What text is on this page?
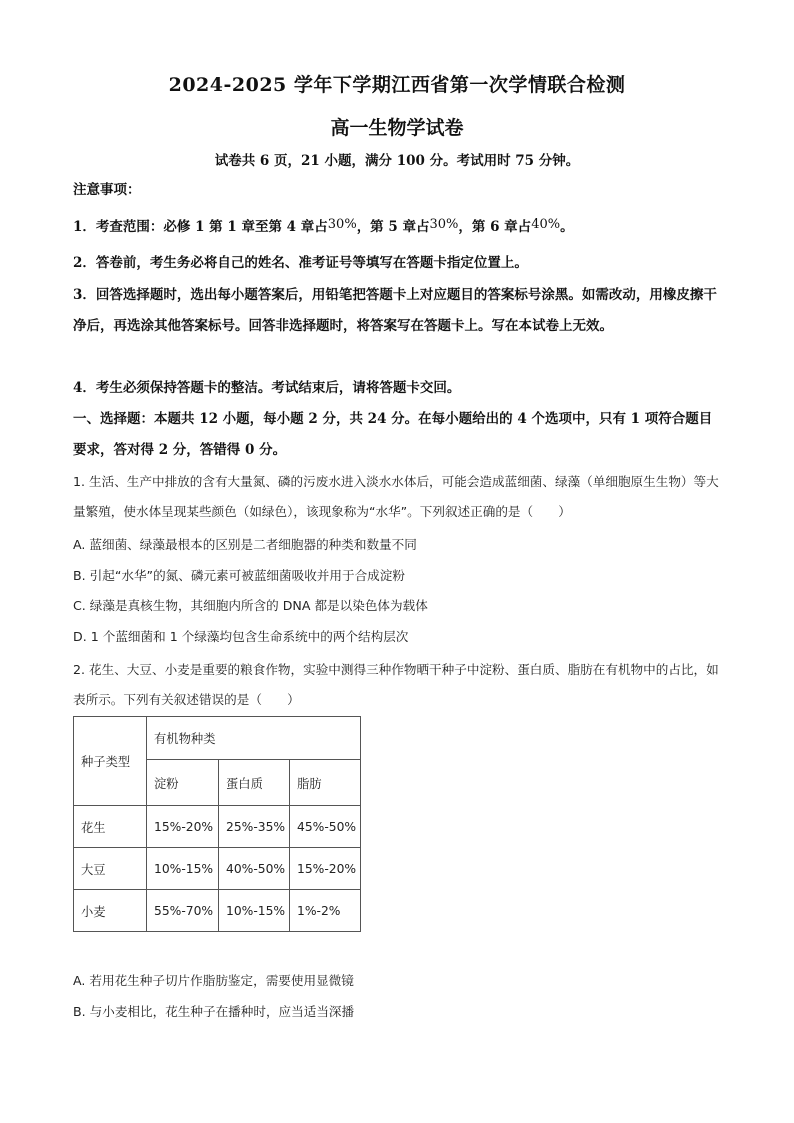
2024-2025 学年下学期江西省第一次学情联合检测
高一生物学试卷
试卷共 6 页，21 小题，满分 100 分。考试用时 75 分钟。
注意事项：
1．考查范围：必修 1 第 1 章至第 4 章占30%，第 5 章占30%，第 6 章占40%。
2．答卷前，考生务必将自己的姓名、准考证号等填写在答题卡指定位置上。
3．回答选择题时，选出每小题答案后，用铅笔把答题卡上对应题目的答案标号涂黑。如需改动，用橡皮擦干净后，再选涂其他答案标号。回答非选择题时，将答案写在答题卡上。写在本试卷上无效。
4．考生必须保持答题卡的整洁。考试结束后，请将答题卡交回。
一、选择题：本题共 12 小题，每小题 2 分，共 24 分。在每小题给出的 4 个选项中，只有 1 项符合题目要求，答对得 2 分，答错得 0 分。
1. 生活、生产中排放的含有大量氮、磷的污废水进入淡水水体后，可能会造成蓝细菌、绿藻（单细胞原生生物）等大量繁殖，使水体呈现某些颜色（如绿色），该现象称为“水华”。下列叙述正确的是（　　）
A. 蓝细菌、绿藻最根本的区别是二者细胞器的种类和数量不同
B. 引起“水华”的氮、磷元素可被蓝细菌吸收并用于合成淀粉
C. 绿藻是真核生物，其细胞内所含的 DNA 都是以染色体为载体
D. 1 个蓝细菌和 1 个绿藻均包含生命系统中的两个结构层次
2. 花生、大豆、小麦是重要的粮食作物，实验中测得三种作物晒干种子中淀粉、蛋白质、脂肪在有机物中的占比，如表所示。下列有关叙述错误的是（　　）
种子类型	有机物种类		
	淀粉	蛋白质	脂肪
花生	15%-20%	25%-35%	45%-50%
大豆	10%-15%	40%-50%	15%-20%
小麦	55%-70%	10%-15%	1%-2%
A. 若用花生种子切片作脂肪鉴定，需要使用显微镜
B. 与小麦相比，花生种子在播种时，应当适当深播
